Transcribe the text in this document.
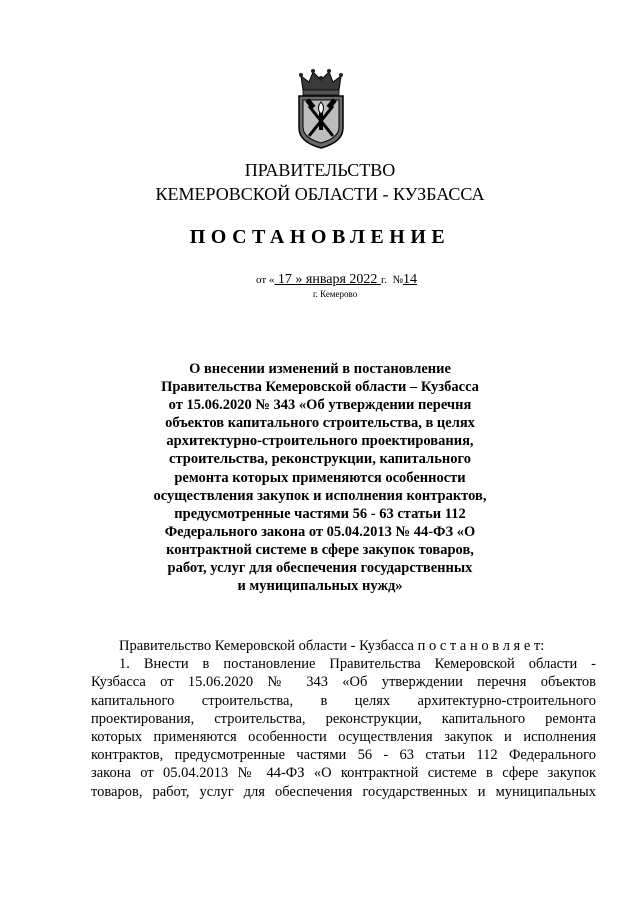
ПРАВИТЕЛЬСТВО
КЕМЕРОВСКОЙ ОБЛАСТИ - КУЗБАССА
ПОСТАНОВЛЕНИЕ
от « 17 » января 2022 г. №14
г. Кемерово
О внесении изменений в постановление
Правительства Кемеровской области – Кузбасса
от 15.06.2020 № 343 «Об утверждении перечня
объектов капитального строительства, в целях
архитектурно-строительного проектирования,
строительства, реконструкции, капитального
ремонта которых применяются особенности
осуществления закупок и исполнения контрактов,
предусмотренные частями 56 - 63 статьи 112
Федерального закона от 05.04.2013 № 44-ФЗ «О
контрактной системе в сфере закупок товаров,
работ, услуг для обеспечения государственных
и муниципальных нужд»
Правительство Кемеровской области - Кузбасса п о с т а н о в л я е т:
1. Внести в постановление Правительства Кемеровской области -
Кузбасса от 15.06.2020 № 343 «Об утверждении перечня объектов
капитального строительства, в целях архитектурно-строительного
проектирования, строительства, реконструкции, капитального ремонта
которых применяются особенности осуществления закупок и исполнения
контрактов, предусмотренные частями 56 - 63 статьи 112 Федерального
закона от 05.04.2013 № 44-ФЗ «О контрактной системе в сфере закупок
товаров, работ, услуг для обеспечения государственных и муниципальных
